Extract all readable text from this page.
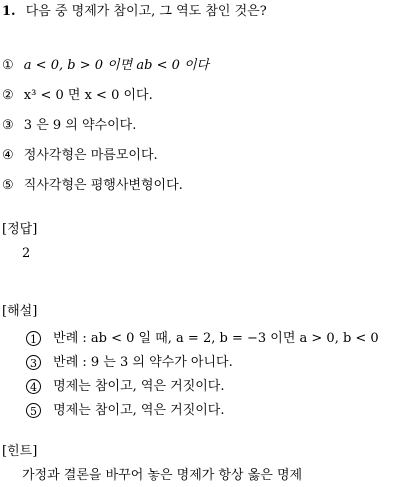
1. 다음 중 명제가 참이고, 그 역도 참인 것은?
① a < 0, b > 0 이면 ab < 0 이다
② x³ < 0 면 x < 0 이다.
③ 3 은 9 의 약수이다.
④ 정사각형은 마름모이다.
⑤ 직사각형은 평행사변형이다.
[정답]
2
[해설]
1 반례 : ab < 0 일 때, a = 2, b = −3 이면 a > 0, b < 0
3 반례 : 9 는 3 의 약수가 아니다.
4 명제는 참이고, 역은 거짓이다.
5 명제는 참이고, 역은 거짓이다.
[힌트]
가정과 결론을 바꾸어 놓은 명제가 항상 옳은 명제
